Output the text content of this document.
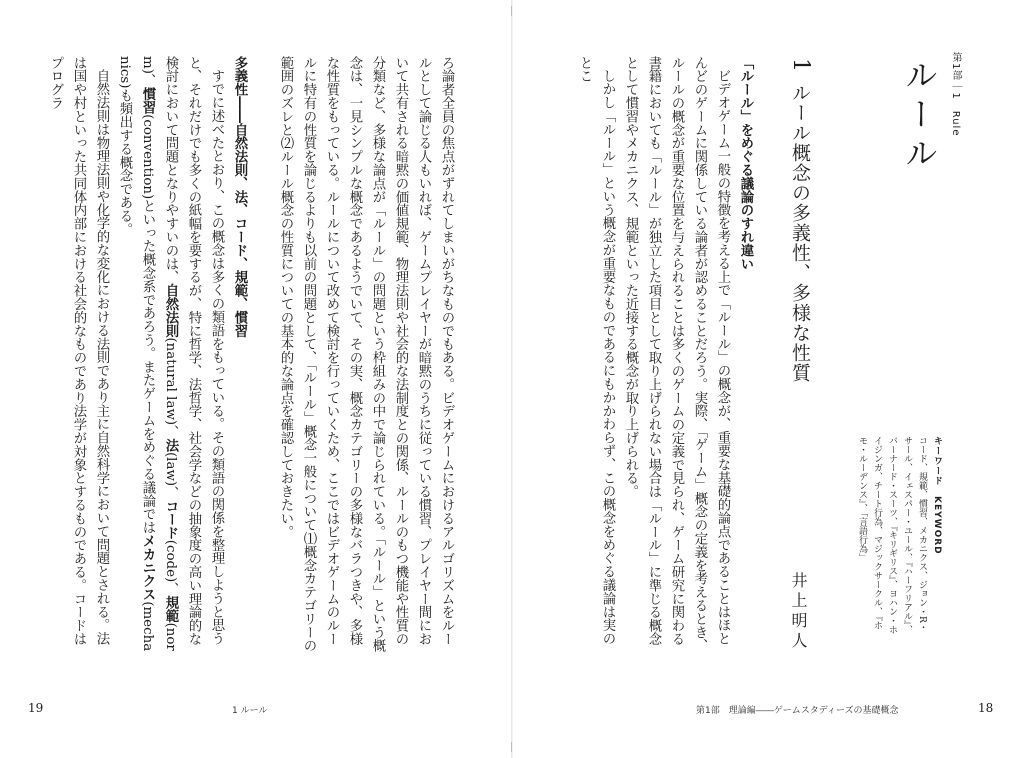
第1部｜1　Rule
ルール
キーワード　KEYWORD
コード、規範、慣習、メカニクス、ジョン・R・サール、イェスパー・ユール、『ハーフリアル』、バーナード・スーツ、『キリギリス』、ヨハン・ホイジンガ、チート行為、マジックサークル、『ホモ・ルーデンス』、「言語行為」
1ルール概念の多義性、多様な性質
井上明人

「ルール」をめぐる議論のすれ違い

ビデオゲーム一般の特徴を考える上で「ルール」の概念が、重要な基礎的論点であることはほとんどのゲームに関係している論者が認めることだろう。実際、「ゲーム」概念の定義を考えるとき、ルールの概念が重要な位置を与えられることは多くのゲームの定義で見られ、ゲーム研究に関わる書籍においても「ルール」が独立した項目として取り上げられない場合は「ルール」に準じる概念として慣習やメカニクス、規範といった近接する概念が取り上げられる。

しかし「ルール」という概念が重要なものであるにもかかわらず、この概念をめぐる議論は実のとこ

ろ論者全員の焦点がずれてしまいがちなものでもある。ビデオゲームにおけるアルゴリズムをルールとして論じる人もいれば、ゲームプレイヤーが暗黙のうちに従っている慣習、プレイヤー間において共有される暗黙の価値規範、物理法則や社会的な法制度との関係、ルールのもつ機能や性質の分類など、多様な論点が「ルール」の問題という枠組みの中で論じられている。「ルール」という概念は、一見シンプルな概念であるようでいて、その実、概念カテゴリーの多様なバラつきや、多様な性質をもっている。ルールについて改めて検討を行っていくため、ここではビデオゲームのルールに特有の性質を論じるよりも以前の問題として、「ルール」概念一般について⑴概念カテゴリーの範囲のズレと⑵ルール概念の性質についての基本的な論点を確認しておきたい。

多義性――自然法則、法、コード、規範、慣習

すでに述べたとおり、この概念は多くの類語をもっている。その類語の関係を整理しようと思うと、それだけでも多くの紙幅を要するが、特に哲学、法哲学、社会学などの抽象度の高い理論的な検討において問題となりやすいのは、自然法則(natural law)、法(law)、コード(code)、規範(norm)、慣習(convention)といった概念系であろう。またゲームをめぐる議論ではメカニクス(mechanics)も頻出する概念である。

自然法則は物理法則や化学的な変化における法則であり主に自然科学において問題とされる。法は国や村といった共同体内部における社会的なものであり法学が対象とするものである。コードはプログラ

19	1 ルール	第1部　理論編――ゲームスタディーズの基礎概念	18
